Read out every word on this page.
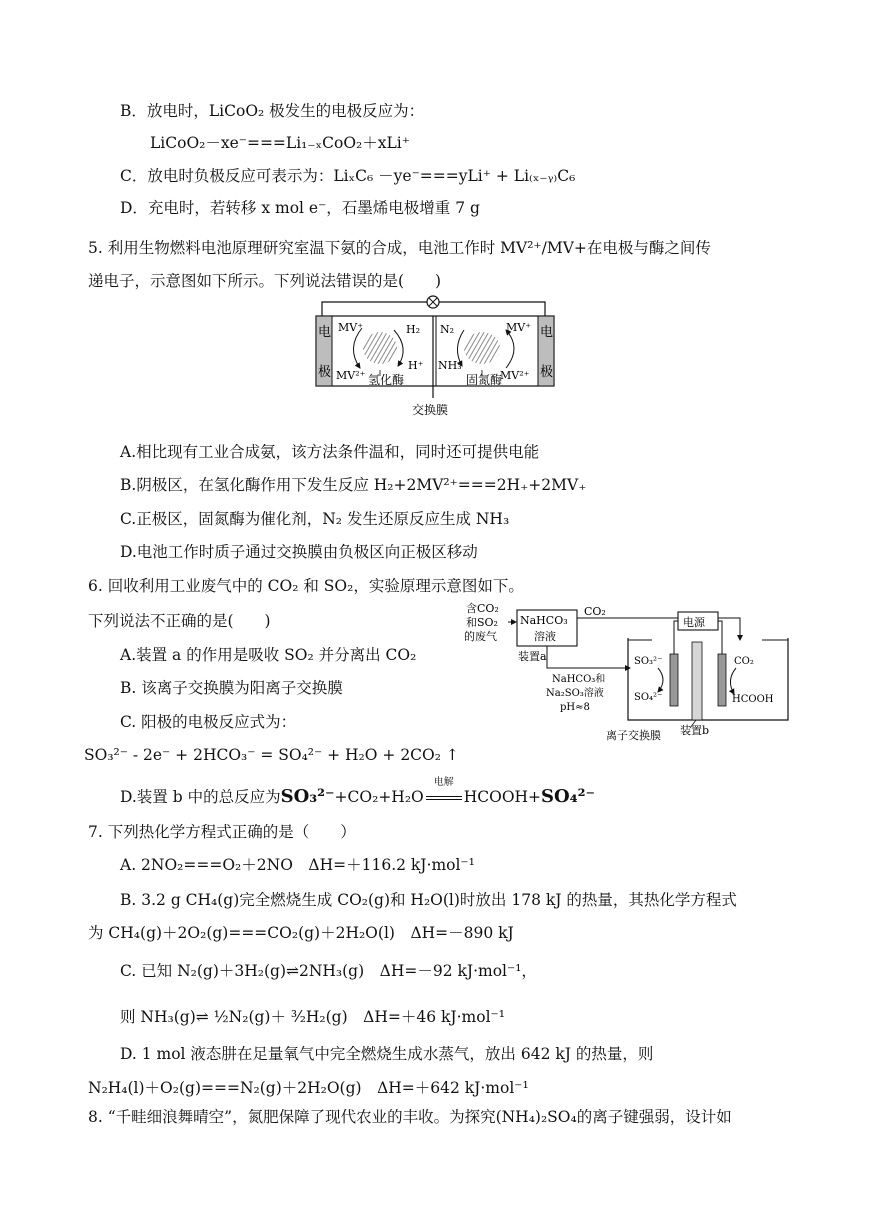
B．放电时，LiCoO₂ 极发生的电极反应为：
LiCoO₂－xe⁻===Li₁₋ₓCoO₂＋xLi⁺
C．放电时负极反应可表示为：LiₓC₆ －ye⁻===yLi⁺ + Li₍ₓ₋ᵧ₎C₆
D．充电时，若转移 x mol e⁻，石墨烯电极增重 7 g
5. 利用生物燃料电池原理研究室温下氨的合成，电池工作时 MV²⁺/MV+在电极与酶之间传
递电子，示意图如下所示。下列说法错误的是(　　)
电
极
电
极
MV⁺
MV²⁺
H₂
H⁺
氢化酶
N₂
NH₃
MV⁺
MV²⁺
固氮酶
交换膜
A.相比现有工业合成氨，该方法条件温和，同时还可提供电能
B.阴极区，在氢化酶作用下发生反应 H₂+2MV²⁺===2H₊+2MV₊
C.正极区，固氮酶为催化剂，N₂ 发生还原反应生成 NH₃
D.电池工作时质子通过交换膜由负极区向正极区移动
6. 回收利用工业废气中的 CO₂ 和 SO₂，实验原理示意图如下。
下列说法不正确的是(　　)
A.装置 a 的作用是吸收 SO₂ 并分离出 CO₂
B. 该离子交换膜为阳离子交换膜
C. 阳极的电极反应式为：
SO₃²⁻ - 2e⁻ + 2HCO₃⁻ = SO₄²⁻ + H₂O + 2CO₂ ↑
D.装置 b 中的总反应为SO₃²⁻+CO₂+H₂O
电解
HCOOH+SO₄²⁻
含CO₂
和SO₂
的废气
NaHCO₃
溶液
装置a
CO₂
NaHCO₃和
Na₂SO₃溶液
pH≈8
电源
SO₃²⁻
SO₄²⁻
CO₂
HCOOH
离子交换膜 装置b
7. 下列热化学方程式正确的是（　　）
A. 2NO₂===O₂＋2NO　ΔH=＋116.2 kJ·mol⁻¹
B. 3.2 g CH₄(g)完全燃烧生成 CO₂(g)和 H₂O(l)时放出 178 kJ 的热量，其热化学方程式
为 CH₄(g)＋2O₂(g)===CO₂(g)＋2H₂O(l)　ΔH=－890 kJ
C. 已知 N₂(g)＋3H₂(g)⇌2NH₃(g)　ΔH=－92 kJ·mol⁻¹，
则 NH₃(g)⇌ ½N₂(g)＋ ³⁄₂H₂(g)　ΔH=＋46 kJ·mol⁻¹
D. 1 mol 液态肼在足量氧气中完全燃烧生成水蒸气，放出 642 kJ 的热量，则
N₂H₄(l)＋O₂(g)===N₂(g)＋2H₂O(g)　ΔH=＋642 kJ·mol⁻¹
8. “千畦细浪舞晴空”，氮肥保障了现代农业的丰收。为探究(NH₄)₂SO₄的离子键强弱，设计如
